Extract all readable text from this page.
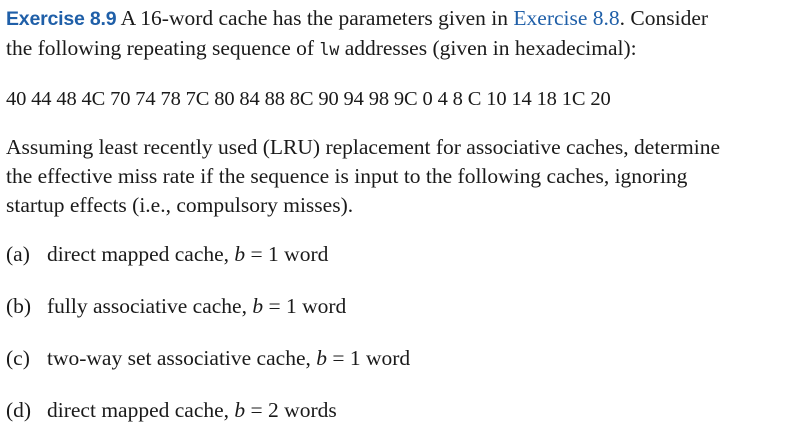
Exercise 8.9 A 16-word cache has the parameters given in Exercise 8.8. Consider
the following repeating sequence of lw addresses (given in hexadecimal):
40 44 48 4C 70 74 78 7C 80 84 88 8C 90 94 98 9C 0 4 8 C 10 14 18 1C 20
Assuming least recently used (LRU) replacement for associative caches, determine
the effective miss rate if the sequence is input to the following caches, ignoring
startup effects (i.e., compulsory misses).
(a) direct mapped cache, b = 1 word
(b) fully associative cache, b = 1 word
(c) two-way set associative cache, b = 1 word
(d) direct mapped cache, b = 2 words
